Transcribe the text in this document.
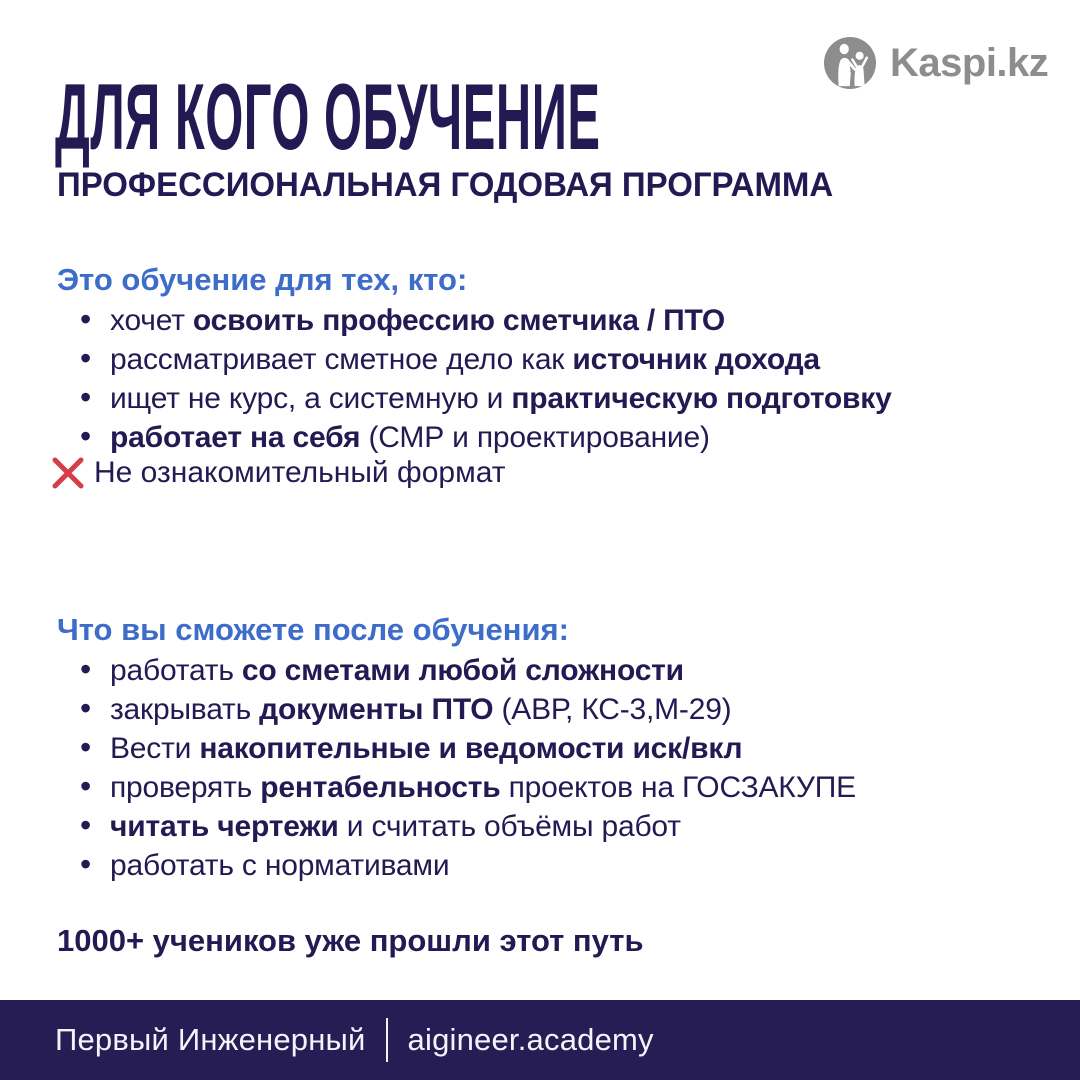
Kaspi.kz
ДЛЯ КОГО ОБУЧЕНИЕ
ПРОФЕССИОНАЛЬНАЯ ГОДОВАЯ ПРОГРАММА
Это обучение для тех, кто:
• хочет освоить профессию сметчика / ПТО
• рассматривает сметное дело как источник дохода
• ищет не курс, а системную и практическую подготовку
• работает на себя (СМР и проектирование)
Не ознакомительный формат
Что вы сможете после обучения:
• работать со сметами любой сложности
• закрывать документы ПТО (АВР, КС-3,М-29)
• Вести накопительные и ведомости иск/вкл
• проверять рентабельность проектов на ГОСЗАКУПЕ
• читать чертежи и считать объёмы работ
• работать с нормативами
1000+ учеников уже прошли этот путь
Первый Инженерный aigineer.academy
